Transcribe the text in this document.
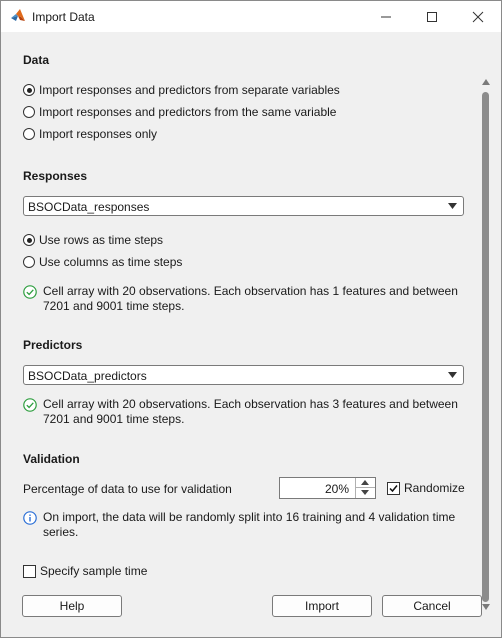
Import Data
Data
Import responses and predictors from separate variables
Import responses and predictors from the same variable
Import responses only
Responses
BSOCData_responses
Use rows as time steps
Use columns as time steps
Cell array with 20 observations. Each observation has 1 features and between
7201 and 9001 time steps.
Predictors
BSOCData_predictors
Cell array with 20 observations. Each observation has 3 features and between
7201 and 9001 time steps.
Validation
Percentage of data to use for validation	20%	Randomize
On import, the data will be randomly split into 16 training and 4 validation time
series.
Specify sample time
Help	Import	Cancel
